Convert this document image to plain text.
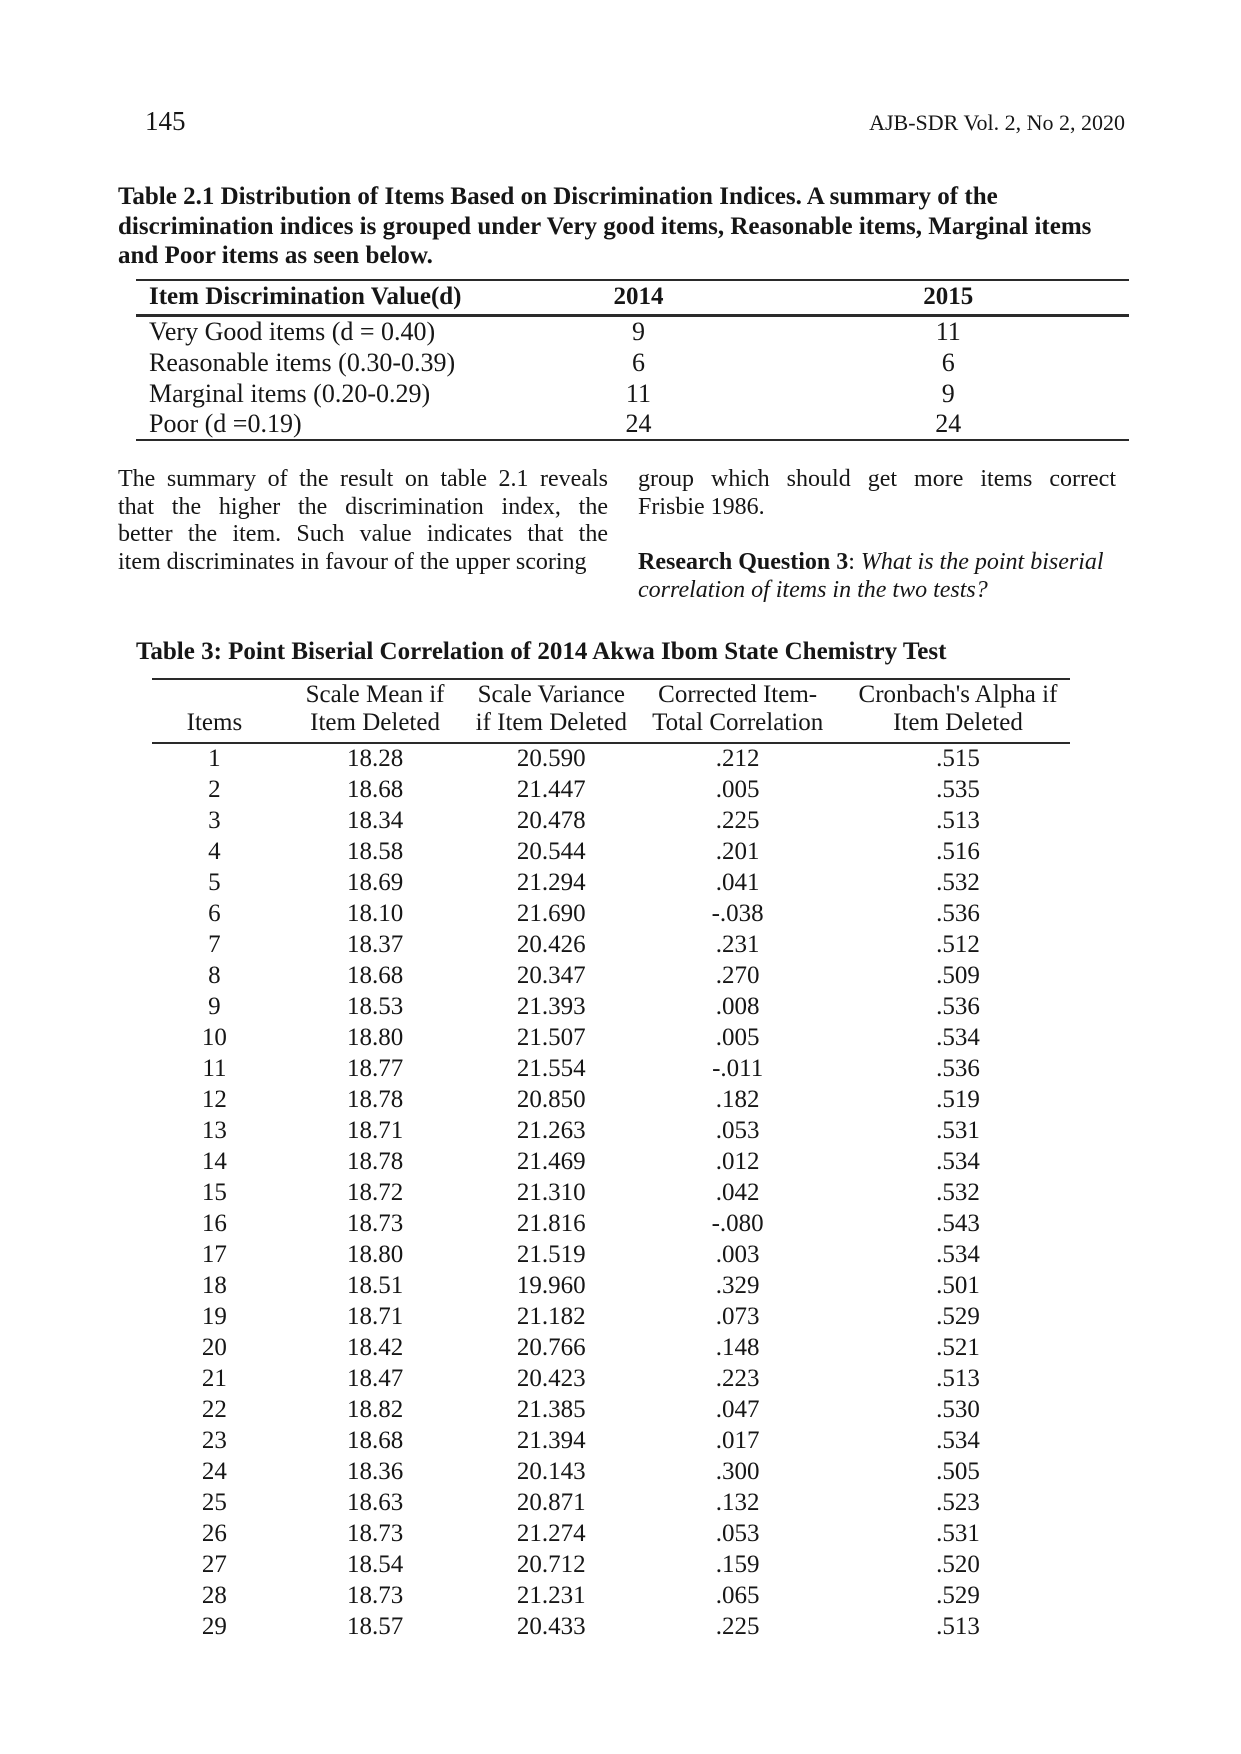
145	AJB-SDR Vol. 2, No 2, 2020
Table 2.1 Distribution of Items Based on Discrimination Indices. A summary of the
discrimination indices is grouped under Very good items, Reasonable items, Marginal items
and Poor items as seen below.
Item Discrimination Value(d)	2014	2015
Very Good items (d = 0.40)	9	11
Reasonable items (0.30-0.39)	6	6
Marginal items (0.20-0.29)	11	9
Poor (d =0.19)	24	24
The summary of the result on table 2.1 reveals
that the higher the discrimination index, the
better the item. Such value indicates that the
item discriminates in favour of the upper scoring
group which should get more items correct
Frisbie 1986.
Research Question 3: What is the point biserial
correlation of items in the two tests?
Table 3: Point Biserial Correlation of 2014 Akwa Ibom State Chemistry Test
Items

Scale Mean if
Item Deleted

Scale Variance
if Item Deleted

Corrected Item-
Total Correlation

Cronbach's Alpha if
Item Deleted

1	18.28	20.590	.212	.515
2	18.68	21.447	.005	.535
3	18.34	20.478	.225	.513
4	18.58	20.544	.201	.516
5	18.69	21.294	.041	.532
6	18.10	21.690	-.038	.536
7	18.37	20.426	.231	.512
8	18.68	20.347	.270	.509
9	18.53	21.393	.008	.536
10	18.80	21.507	.005	.534
11	18.77	21.554	-.011	.536
12	18.78	20.850	.182	.519
13	18.71	21.263	.053	.531
14	18.78	21.469	.012	.534
15	18.72	21.310	.042	.532
16	18.73	21.816	-.080	.543
17	18.80	21.519	.003	.534
18	18.51	19.960	.329	.501
19	18.71	21.182	.073	.529
20	18.42	20.766	.148	.521
21	18.47	20.423	.223	.513
22	18.82	21.385	.047	.530
23	18.68	21.394	.017	.534
24	18.36	20.143	.300	.505
25	18.63	20.871	.132	.523
26	18.73	21.274	.053	.531
27	18.54	20.712	.159	.520
28	18.73	21.231	.065	.529
29	18.57	20.433	.225	.513
